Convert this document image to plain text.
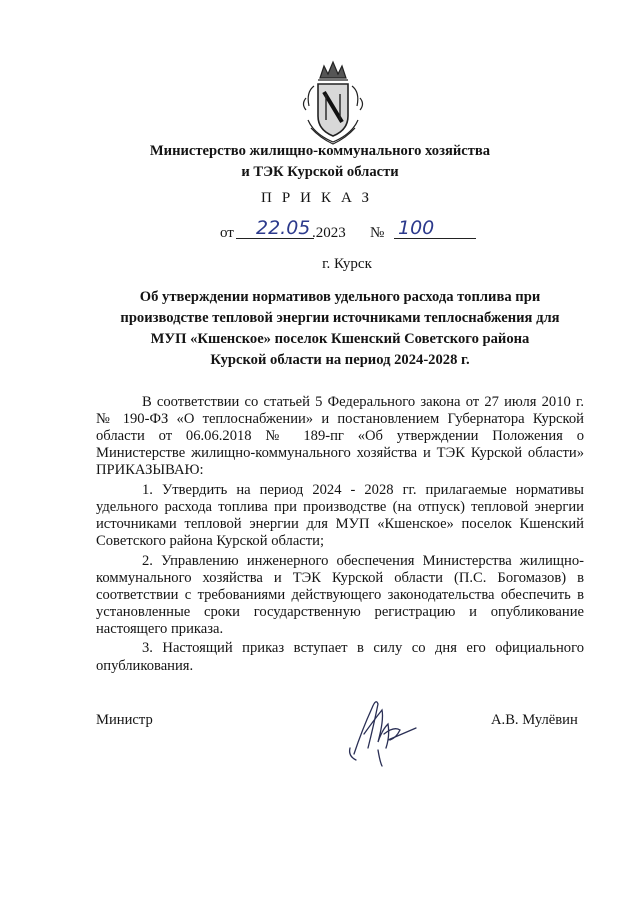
Министерство жилищно-коммунального хозяйства
и ТЭК Курской области
ПРИКАЗ
от 22.05 .2023 № 100
г. Курск
Об утверждении нормативов удельного расхода топлива при
производстве тепловой энергии источниками теплоснабжения для
МУП «Кшенское» поселок Кшенский Советского района
Курской области на период 2024-2028 г.

В соответствии со статьей 5 Федерального закона от 27 июля 2010 г. № 190-ФЗ «О теплоснабжении» и постановлением Губернатора Курской области от 06.06.2018 № 189-пг «Об утверждении Положения о Министерстве жилищно-коммунального хозяйства и ТЭК Курской области» ПРИКАЗЫВАЮ:

1. Утвердить на период 2024 - 2028 гг. прилагаемые нормативы удельного расхода топлива при производстве (на отпуск) тепловой энергии источниками тепловой энергии для МУП «Кшенское» поселок Кшенский Советского района Курской области;

2. Управлению инженерного обеспечения Министерства жилищно-коммунального хозяйства и ТЭК Курской области (П.С. Богомазов) в соответствии с требованиями действующего законодательства обеспечить в установленные сроки государственную регистрацию и опубликование настоящего приказа.

3. Настоящий приказ вступает в силу со дня его официального опубликования.

Министр	А.В. Мулёвин
